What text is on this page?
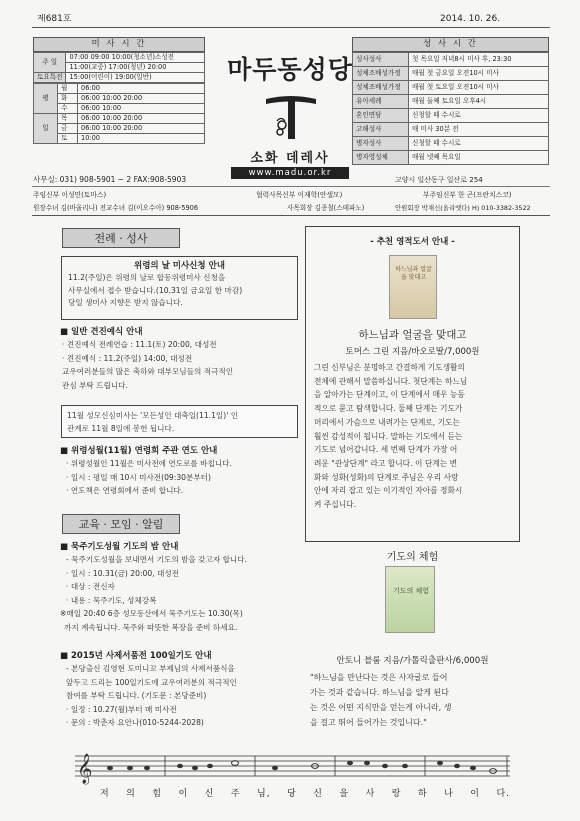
제681호	2014. 10. 26.
미 사 시 간
주 일	07:00 09:00 10:00(청소년)소성전
	11:00(교중) 17:00(청년) 20:00
토요특전	15:00(어린이) 19:00(일반)
평	월	06:00
	화	06:00 10:00 20:00
	수	06:00 10:00
일	목	06:00 10:00 20:00
	금	06:00 10:00 20:00
	토	10:00
마두동성당
소화 데레사
www.madu.or.kr
성 사 시 간
성사성사	첫 목요일 저녁8시 미사 후, 23:30
성체조배성가정	매월 첫 금요일 오전10시 미사
성체조배성가정	매월 첫 토요일 오전10시 미사
유아세례	매월 둘째 토요일 오후4시
혼인면담	신청할 때 수시로
고해성사	매 미사 30분 전
병자성사	신청할 때 수시로
병자영성체	매월 넷째 목요일
사무실: 031) 908-5901 ~ 2 FAX:908-5903	고양시 일산동구 일산로 254
주임신부 이성민(토마스)	협력사목신부 이재학(안셀모)	부주임신부 한 곤(프란치스코)
원장수녀 김(바울리나) 전교수녀 김(이오수아) 908-5906	사목회장 김종철(스테파노)	안원회장 박재신(올리엣다) H) 010-3382-3522
전례 · 성사
위령의 날 미사신청 안내

11.2(주일)은 위령의 날로 합동위령미사 신청을

사무실에서 접수 받습니다.(10.31일 금요일 한 마감)

당일 생미사 지향은 받지 않습니다.

■ 일반 견진예식 안내

· 견진예식 전례연습 : 11.1(토) 20:00, 대성전

· 견진예식 : 11.2(주일) 14:00, 대성전

교우여러분들의 많은 축하와 대부모님들의 적극적인

관심 부탁 드립니다.

11월 성모신심미사는 '모든성인 대축일(11.1일)' 인

관계로 11월 8일에 봉헌 됩니다.

■ 위령성월(11월) 연령회 주관 연도 안내

· 위령성월인 11월은 미사전에 연도로를 바칩니다.

· 일시 : 평일 매 10시 미사전(09:30분부터)

· 연도책은 연령회에서 준비 합니다.

교육 · 모임 · 알림
■ 묵주기도성월 기도의 밤 안내

- 묵주기도성월을 보내면서 기도의 밤을 갖고자 합니다.

· 일시 : 10.31(금) 20:00, 대성전

· 대상 : 전신자

· 내용 : 묵주기도, 성체강복

※매일 20:40 6층 성모동산에서 묵주기도는 10.30(목)

까지 계속됩니다. 묵주와 따뜻한 복장을 준비 하세요.

■ 2015년 사제서품전 100일기도 안내

- 본당출신 김영현 도미니꼬 부제님의 사제서품식을

앞두고 드리는 100일기도에 교우여러분의 적극적인

참여를 부탁 드립니다. (기도문 : 본당준비)

· 일정 : 10.27(월)부터 매 미사전

· 문의 : 박춘자 요안나(010-5244-2028)

- 추천 영적도서 안내 -
하느님과 얼굴을 맞대고
하느님과 얼굴을 맞대고
토머스 그린 지음/바오로딸/7,000원

그린 신부님은 분명하고 간결하게 기도생활의

전체에 관해서 말씀하십니다. 첫단계는 하느님

을 알아가는 단계이고, 이 단계에서 매우 능동

적으로 묻고 탐색합니다. 둘째 단계는 기도가

머리에서 가슴으로 내려가는 단계로, 기도는

훨씬 감성적이 됩니다. 말하는 기도에서 듣는

기도로 넘어갑니다. 세 번째 단계가 가장 어

려운 "관상단계" 라고 합니다. 이 단계는 변

화와 성화(성화)의 단계로 주님은 우리 사랑

안에 자리 잡고 있는 이기적인 자아를 정화시

켜 주십니다.

기도의 체험
기도의 체험
안토니 블룸 지음/가톨릭출판사/6,000원

"하느님을 만난다는 것은 사자굴로 들어

가는 것과 같습니다. 하느님을 알게 된다

는 것은 어떤 지식만을 얻는게 아니라, 생

을 걸고 뛰어 들어가는 것입니다."

𝄞
저 의 힘 이 신 주 님, 당 신 을 사 랑 하 나 이 다.
